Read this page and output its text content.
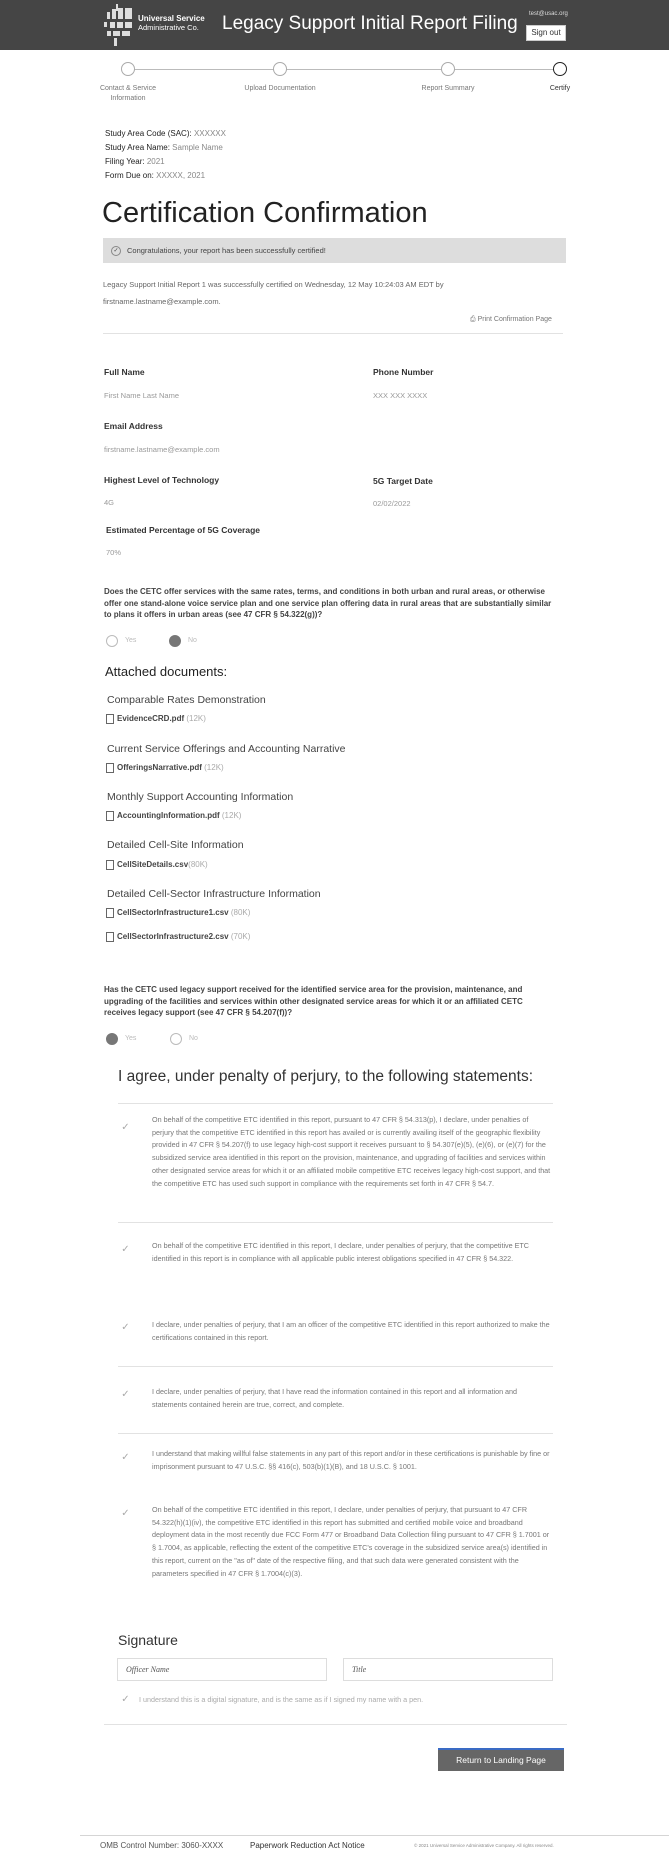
Universal Service
Administrative Co.	Legacy Support Initial Report Filing test@usac.org
Sign out
Contact & Service Information
Upload Documentation	Report Summary	Certify
Study Area Code (SAC): XXXXXX
Study Area Name: Sample Name
Filing Year: 2021
Form Due on: XXXXX, 2021
Certification Confirmation
✓ Congratulations, your report has been successfully certified!
Legacy Support Initial Report 1 was successfully certified on Wednesday, 12 May 10:24:03 AM EDT by firstname.lastname@example.com.
⎙ Print Confirmation Page
Full Name
First Name Last Name
Phone Number
XXX XXX XXXX
Email Address
firstname.lastname@example.com
Highest Level of Technology
4G
5G Target Date
02/02/2022
Estimated Percentage of 5G Coverage
70%
Does the CETC offer services with the same rates, terms, and conditions in both urban and rural areas, or otherwise offer one stand-alone voice service plan and one service plan offering data in rural areas that are substantially similar to plans it offers in urban areas (see 47 CFR § 54.322(g))?
Yes	No
Attached documents:
Comparable Rates Demonstration
EvidenceCRD.pdf (12K)
Current Service Offerings and Accounting Narrative
OfferingsNarrative.pdf (12K)
Monthly Support Accounting Information
AccountingInformation.pdf (12K)
Detailed Cell-Site Information
CellSiteDetails.csv(80K)
Detailed Cell-Sector Infrastructure Information
CellSectorInfrastructure1.csv (80K)
CellSectorInfrastructure2.csv (70K)
Has the CETC used legacy support received for the identified service area for the provision, maintenance, and upgrading of the facilities and services within other designated service areas for which it or an affiliated CETC receives legacy support (see 47 CFR § 54.207(f))?
Yes	No
I agree, under penalty of perjury, to the following statements:
✓
On behalf of the competitive ETC identified in this report, pursuant to 47 CFR § 54.313(p), I declare, under penalties of perjury that the competitive ETC identified in this report has availed or is currently availing itself of the geographic flexibility provided in 47 CFR § 54.207(f) to use legacy high-cost support it receives pursuant to § 54.307(e)(5), (e)(6), or (e)(7) for the subsidized service area identified in this report on the provision, maintenance, and upgrading of facilities and services within other designated service areas for which it or an affiliated mobile competitive ETC receives legacy high-cost support, and that the competitive ETC has used such support in compliance with the requirements set forth in 47 CFR § 54.7.
✓	On behalf of the competitive ETC identified in this report, I declare, under penalties of perjury, that the competitive ETC identified in this report is in compliance with all applicable public interest obligations specified in 47 CFR § 54.322.
✓	I declare, under penalties of perjury, that I am an officer of the competitive ETC identified in this report authorized to make the certifications contained in this report.
✓	I declare, under penalties of perjury, that I have read the information contained in this report and all information and statements contained herein are true, correct, and complete.
✓	I understand that making willful false statements in any part of this report and/or in these certifications is punishable by fine or imprisonment pursuant to 47 U.S.C. §§ 416(c), 503(b)(1)(B), and 18 U.S.C. § 1001.
✓	On behalf of the competitive ETC identified in this report, I declare, under penalties of perjury, that pursuant to 47 CFR 54.322(h)(1)(iv), the competitive ETC identified in this report has submitted and certified mobile voice and broadband deployment data in the most recently due FCC Form 477 or Broadband Data Collection filing pursuant to 47 CFR § 1.7001 or § 1.7004, as applicable, reflecting the extent of the competitive ETC's coverage in the subsidized service area(s) identified in this report, current on the "as of" date of the respective filing, and that such data were generated consistent with the parameters specified in 47 CFR § 1.7004(c)(3).
Signature
Officer Name	Title
✓ I understand this is a digital signature, and is the same as if I signed my name with a pen.
Return to Landing Page
OMB Control Number: 3060-XXXX	Paperwork Reduction Act Notice	© 2021 Universal Service Administrative Company. All rights reserved.
